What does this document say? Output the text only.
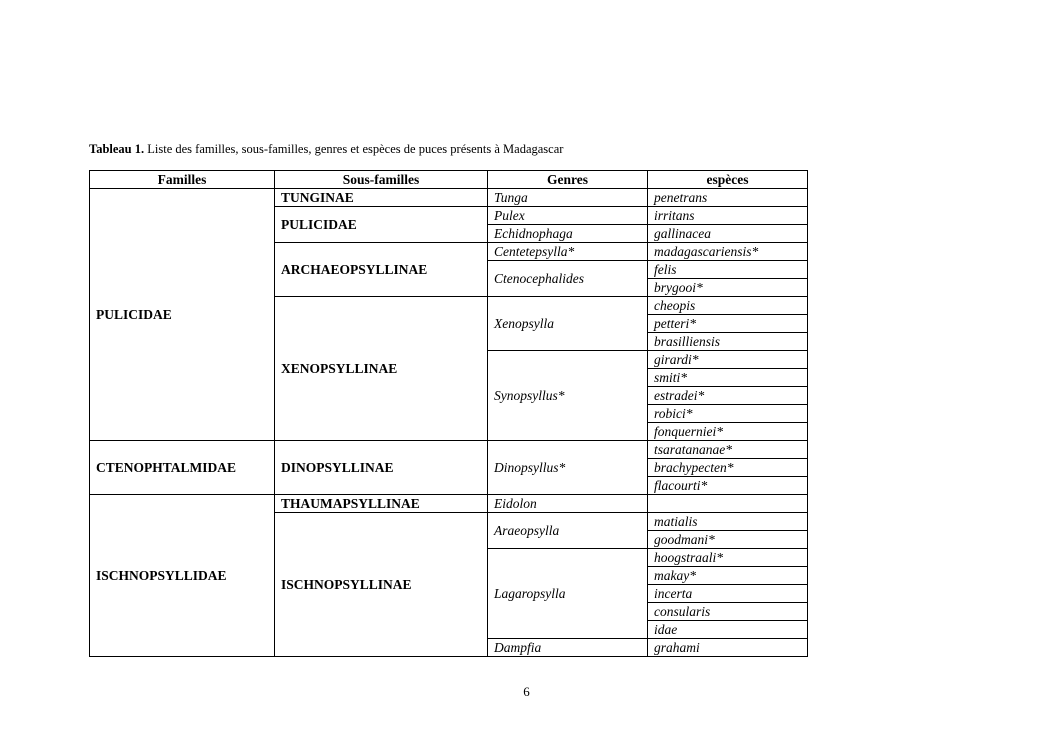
Tableau 1. Liste des familles, sous-familles, genres et espèces de puces présents à Madagascar
Familles	Sous-familles	Genres	espèces
PULICIDAE	TUNGINAE	Tunga	penetrans
	PULICIDAE	Pulex	irritans
		Echidnophaga	gallinacea
	ARCHAEOPSYLLINAE	Centetepsylla*	madagascariensis*
		Ctenocephalides	felis
			brygooi*
	XENOPSYLLINAE	Xenopsylla	cheopis
			petteri*
			brasilliensis
		Synopsyllus*	girardi*
			smiti*
			estradei*
			robici*
			fonquerniei*
CTENOPHTALMIDAE	DINOPSYLLINAE	Dinopsyllus*	tsaratananae*
			brachypecten*
			flacourti*
ISCHNOPSYLLIDAE	THAUMAPSYLLINAE	Eidolon	
	ISCHNOPSYLLINAE	Araeopsylla	matialis
			goodmani*
		Lagaropsylla	hoogstraali*
			makay*
			incerta
			consularis
			idae
		Dampfia	grahami
6
